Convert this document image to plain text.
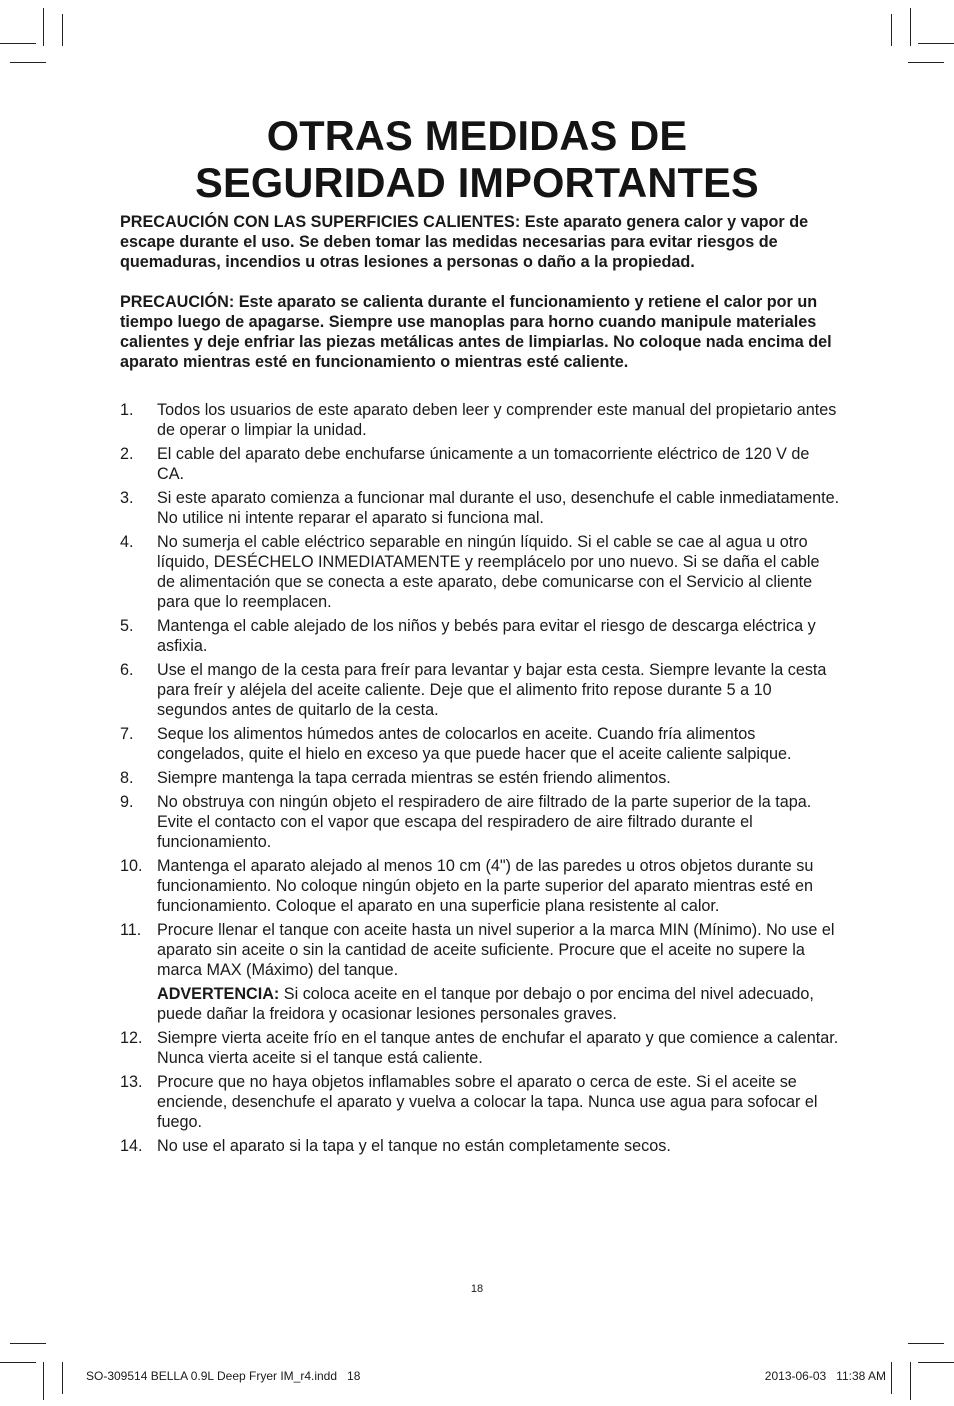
OTRAS MEDIDAS DE
SEGURIDAD IMPORTANTES

PRECAUCIÓN CON LAS SUPERFICIES CALIENTES: Este aparato genera calor y vapor de escape durante el uso. Se deben tomar las medidas necesarias para evitar riesgos de quemaduras, incendios u otras lesiones a personas o daño a la propiedad.

PRECAUCIÓN: Este aparato se calienta durante el funcionamiento y retiene el calor por un tiempo luego de apagarse. Siempre use manoplas para horno cuando manipule materiales calientes y deje enfriar las piezas metálicas antes de limpiarlas. No coloque nada encima del aparato mientras esté en funcionamiento o mientras esté caliente.

1. Todos los usuarios de este aparato deben leer y comprender este manual del propietario antes de operar o limpiar la unidad.
2. El cable del aparato debe enchufarse únicamente a un tomacorriente eléctrico de 120 V de CA.
3. Si este aparato comienza a funcionar mal durante el uso, desenchufe el cable inmediatamente. No utilice ni intente reparar el aparato si funciona mal.
4. No sumerja el cable eléctrico separable en ningún líquido. Si el cable se cae al agua u otro líquido, DESÉCHELO INMEDIATAMENTE y reemplácelo por uno nuevo. Si se daña el cable de alimentación que se conecta a este aparato, debe comunicarse con el Servicio al cliente para que lo reemplacen.
5. Mantenga el cable alejado de los niños y bebés para evitar el riesgo de descarga eléctrica y asfixia.
6. Use el mango de la cesta para freír para levantar y bajar esta cesta. Siempre levante la cesta para freír y aléjela del aceite caliente. Deje que el alimento frito repose durante 5 a 10 segundos antes de quitarlo de la cesta.
7. Seque los alimentos húmedos antes de colocarlos en aceite. Cuando fría alimentos congelados, quite el hielo en exceso ya que puede hacer que el aceite caliente salpique.
8. Siempre mantenga la tapa cerrada mientras se estén friendo alimentos.
9. No obstruya con ningún objeto el respiradero de aire filtrado de la parte superior de la tapa. Evite el contacto con el vapor que escapa del respiradero de aire filtrado durante el funcionamiento.
10. Mantenga el aparato alejado al menos 10 cm (4") de las paredes u otros objetos durante su funcionamiento. No coloque ningún objeto en la parte superior del aparato mientras esté en funcionamiento. Coloque el aparato en una superficie plana resistente al calor.
11. Procure llenar el tanque con aceite hasta un nivel superior a la marca MIN (Mínimo). No use el aparato sin aceite o sin la cantidad de aceite suficiente. Procure que el aceite no supere la marca MAX (Máximo) del tanque.
ADVERTENCIA: Si coloca aceite en el tanque por debajo o por encima del nivel adecuado, puede dañar la freidora y ocasionar lesiones personales graves.
12. Siempre vierta aceite frío en el tanque antes de enchufar el aparato y que comience a calentar. Nunca vierta aceite si el tanque está caliente.
13. Procure que no haya objetos inflamables sobre el aparato o cerca de este. Si el aceite se enciende, desenchufe el aparato y vuelva a colocar la tapa. Nunca use agua para sofocar el fuego.
14. No use el aparato si la tapa y el tanque no están completamente secos.
18
SO-309514 BELLA 0.9L Deep Fryer IM_r4.indd   18	2013-06-03   11:38 AM
